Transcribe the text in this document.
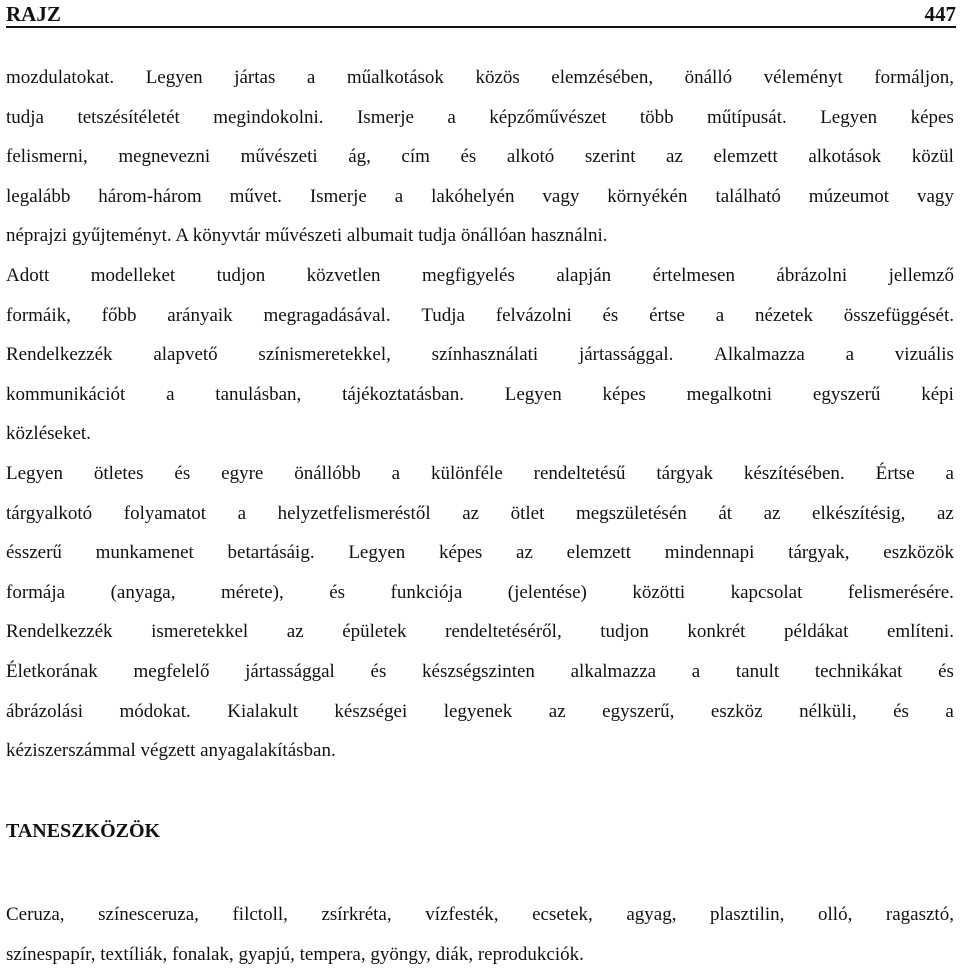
RAJZ	447
mozdulatokat. Legyen jártas a műalkotások közös elemzésében, önálló véleményt formáljon,
tudja tetszésítéletét megindokolni. Ismerje a képzőművészet több műtípusát. Legyen képes
felismerni, megnevezni művészeti ág, cím és alkotó szerint az elemzett alkotások közül
legalább három-három művet. Ismerje a lakóhelyén vagy környékén található múzeumot vagy
néprajzi gyűjteményt. A könyvtár művészeti albumait tudja önállóan használni.
Adott modelleket tudjon közvetlen megfigyelés alapján értelmesen ábrázolni jellemző
formáik, főbb arányaik megragadásával. Tudja felvázolni és értse a nézetek összefüggését.
Rendelkezzék alapvető színismeretekkel, színhasználati jártassággal. Alkalmazza a vizuális
kommunikációt a tanulásban, tájékoztatásban. Legyen képes megalkotni egyszerű képi
közléseket.
Legyen ötletes és egyre önállóbb a különféle rendeltetésű tárgyak készítésében. Értse a
tárgyalkotó folyamatot a helyzetfelismeréstől az ötlet megszületésén át az elkészítésig, az
ésszerű munkamenet betartásáig. Legyen képes az elemzett mindennapi tárgyak, eszközök
formája (anyaga, mérete), és funkciója (jelentése) közötti kapcsolat felismerésére.
Rendelkezzék ismeretekkel az épületek rendeltetéséről, tudjon konkrét példákat említeni.
Életkorának megfelelő jártassággal és készségszinten alkalmazza a tanult technikákat és
ábrázolási módokat. Kialakult készségei legyenek az egyszerű, eszköz nélküli, és a
kéziszerszámmal végzett anyagalakításban.
TANESZKÖZÖK
Ceruza, színesceruza, filctoll, zsírkréta, vízfesték, ecsetek, agyag, plasztilin, olló, ragasztó,
színespapír, textíliák, fonalak, gyapjú, tempera, gyöngy, diák, reprodukciók.
